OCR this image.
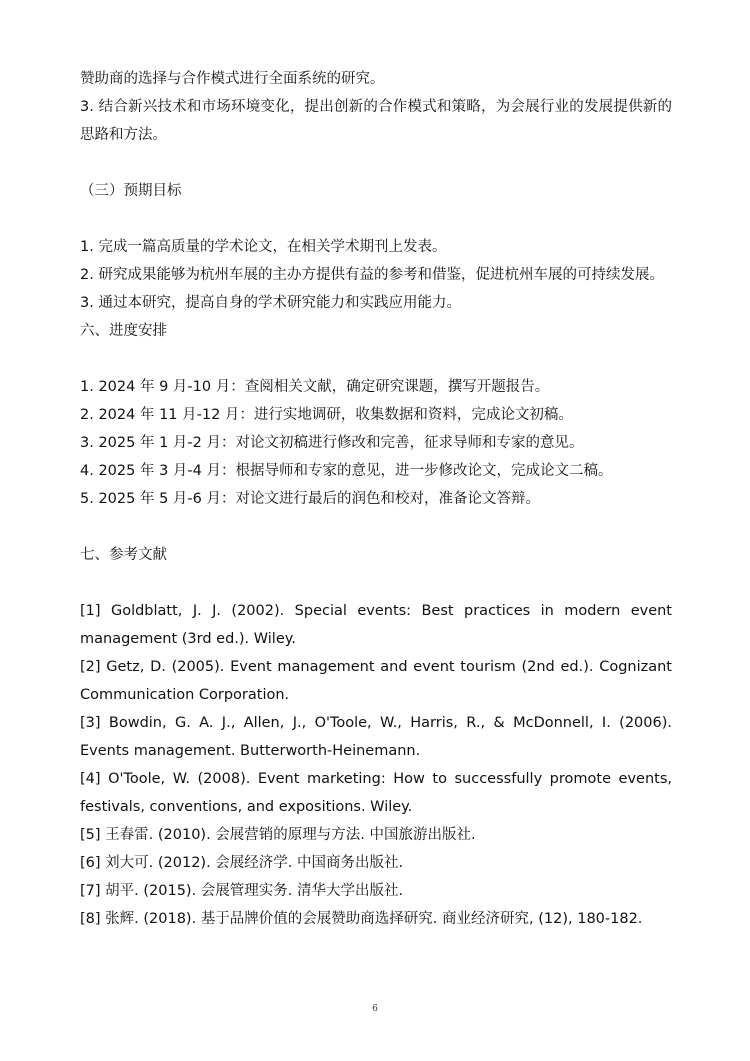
赞助商的选择与合作模式进行全面系统的研究。

3. 结合新兴技术和市场环境变化，提出创新的合作模式和策略，为会展行业的发展提供新的思路和方法。

（三）预期目标

1. 完成一篇高质量的学术论文，在相关学术期刊上发表。

2. 研究成果能够为杭州车展的主办方提供有益的参考和借鉴，促进杭州车展的可持续发展。

3. 通过本研究，提高自身的学术研究能力和实践应用能力。

六、进度安排

1. 2024 年 9 月-10 月：查阅相关文献，确定研究课题，撰写开题报告。

2. 2024 年 11 月-12 月：进行实地调研，收集数据和资料，完成论文初稿。

3. 2025 年 1 月-2 月：对论文初稿进行修改和完善，征求导师和专家的意见。

4. 2025 年 3 月-4 月：根据导师和专家的意见，进一步修改论文，完成论文二稿。

5. 2025 年 5 月-6 月：对论文进行最后的润色和校对，准备论文答辩。

七、参考文献

[1] Goldblatt, J. J. (2002). Special events: Best practices in modern event management (3rd ed.). Wiley.

[2] Getz, D. (2005). Event management and event tourism (2nd ed.). Cognizant Communication Corporation.

[3] Bowdin, G. A. J., Allen, J., O'Toole, W., Harris, R., & McDonnell, I. (2006). Events management. Butterworth-Heinemann.

[4] O'Toole, W. (2008). Event marketing: How to successfully promote events, festivals, conventions, and expositions. Wiley.

[5] 王春雷. (2010). 会展营销的原理与方法. 中国旅游出版社.

[6] 刘大可. (2012). 会展经济学. 中国商务出版社.

[7] 胡平. (2015). 会展管理实务. 清华大学出版社.

[8] 张辉. (2018). 基于品牌价值的会展赞助商选择研究. 商业经济研究, (12), 180-182.

6
